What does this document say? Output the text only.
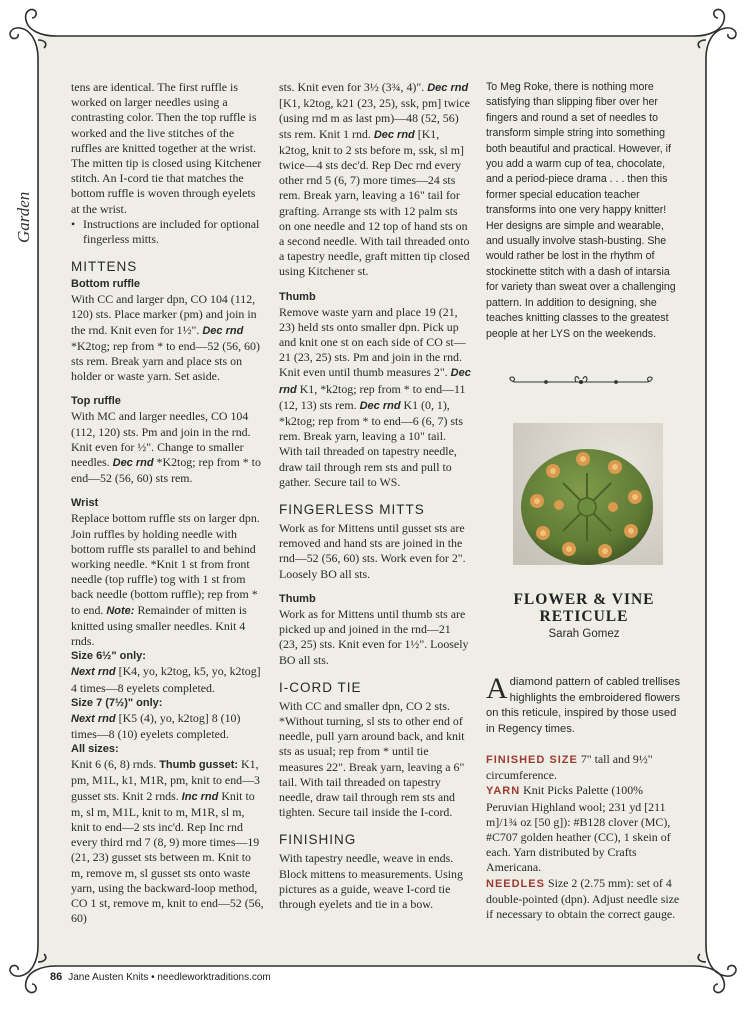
Garden

tens are identical. The first ruffle is worked on larger needles using a contrasting color. Then the top ruffle is worked and the live stitches of the ruffles are knitted together at the wrist. The mitten tip is closed using Kitchener stitch. An I-cord tie that matches the bottom ruffle is woven through eyelets at the wrist.

• Instructions are included for optional fingerless mitts.

MITTENS
Bottom ruffle

With CC and larger dpn, CO 104 (112, 120) sts. Place marker (pm) and join in the rnd. Knit even for 1½". Dec rnd *K2tog; rep from * to end—52 (56, 60) sts rem. Break yarn and place sts on holder or waste yarn. Set aside.

Top ruffle

With MC and larger needles, CO 104 (112, 120) sts. Pm and join in the rnd. Knit even for ½". Change to smaller needles. Dec rnd *K2tog; rep from * to end—52 (56, 60) sts rem.

Wrist

Replace bottom ruffle sts on larger dpn. Join ruffles by holding needle with bottom ruffle sts parallel to and behind working needle. *Knit 1 st from front needle (top ruffle) tog with 1 st from back needle (bottom ruffle); rep from * to end. Note: Remainder of mitten is knitted using smaller needles. Knit 4 rnds.

Size 6½" only:

Next rnd [K4, yo, k2tog, k5, yo, k2tog] 4 times—8 eyelets completed.

Size 7 (7½)" only:

Next rnd [K5 (4), yo, k2tog] 8 (10) times—8 (10) eyelets completed.

All sizes:

Knit 6 (6, 8) rnds. Thumb gusset: K1, pm, M1L, k1, M1R, pm, knit to end—3 gusset sts. Knit 2 rnds. Inc rnd Knit to m, sl m, M1L, knit to m, M1R, sl m, knit to end—2 sts inc'd. Rep Inc rnd every third rnd 7 (8, 9) more times—19 (21, 23) gusset sts between m. Knit to m, remove m, sl gusset sts onto waste yarn, using the backward-loop method, CO 1 st, remove m, knit to end—52 (56, 60)

sts. Knit even for 3½ (3¾, 4)". Dec rnd [K1, k2tog, k21 (23, 25), ssk, pm] twice (using rnd m as last pm)—48 (52, 56) sts rem. Knit 1 rnd. Dec rnd [K1, k2tog, knit to 2 sts before m, ssk, sl m] twice—4 sts dec'd. Rep Dec rnd every other rnd 5 (6, 7) more times—24 sts rem. Break yarn, leaving a 16" tail for grafting. Arrange sts with 12 palm sts on one needle and 12 top of hand sts on a second needle. With tail threaded onto a tapestry needle, graft mitten tip closed using Kitchener st.

Thumb

Remove waste yarn and place 19 (21, 23) held sts onto smaller dpn. Pick up and knit one st on each side of CO st—21 (23, 25) sts. Pm and join in the rnd. Knit even until thumb measures 2". Dec rnd K1, *k2tog; rep from * to end—11 (12, 13) sts rem. Dec rnd K1 (0, 1), *k2tog; rep from * to end—6 (6, 7) sts rem. Break yarn, leaving a 10" tail. With tail threaded on tapestry needle, draw tail through rem sts and pull to gather. Secure tail to WS.

FINGERLESS MITTS

Work as for Mittens until gusset sts are removed and hand sts are joined in the rnd—52 (56, 60) sts. Work even for 2". Loosely BO all sts.

Thumb

Work as for Mittens until thumb sts are picked up and joined in the rnd—21 (23, 25) sts. Knit even for 1½". Loosely BO all sts.

I-CORD TIE

With CC and smaller dpn, CO 2 sts. *Without turning, sl sts to other end of needle, pull yarn around back, and knit sts as usual; rep from * until tie measures 22". Break yarn, leaving a 6" tail. With tail threaded on tapestry needle, draw tail through rem sts and tighten. Secure tail inside the I-cord.

FINISHING

With tapestry needle, weave in ends. Block mittens to measurements. Using pictures as a guide, weave I-cord tie through eyelets and tie in a bow.

To Meg Roke, there is nothing more satisfying than slipping fiber over her fingers and round a set of needles to transform simple string into something both beautiful and practical. However, if you add a warm cup of tea, chocolate, and a period-piece drama . . . then this former special education teacher transforms into one very happy knitter! Her designs are simple and wearable, and usually involve stash-busting. She would rather be lost in the rhythm of stockinette stitch with a dash of intarsia for variety than sweat over a challenging pattern. In addition to designing, she teaches knitting classes to the greatest people at her LYS on the weekends.

FLOWER & VINE RETICULE
Sarah Gomez

Adiamond pattern of cabled trellises highlights the embroidered flowers on this reticule, inspired by those used in Regency times.

FINISHED SIZE 7" tall and 9½" circumference.

YARN Knit Picks Palette (100% Peruvian Highland wool; 231 yd [211 m]/1¾ oz [50 g]): #B128 clover (MC), #C707 golden heather (CC), 1 skein of each. Yarn distributed by Crafts Americana.

NEEDLES Size 2 (2.75 mm): set of 4 double-pointed (dpn). Adjust needle size if necessary to obtain the correct gauge.

86 Jane Austen Knits • needleworktraditions.com
